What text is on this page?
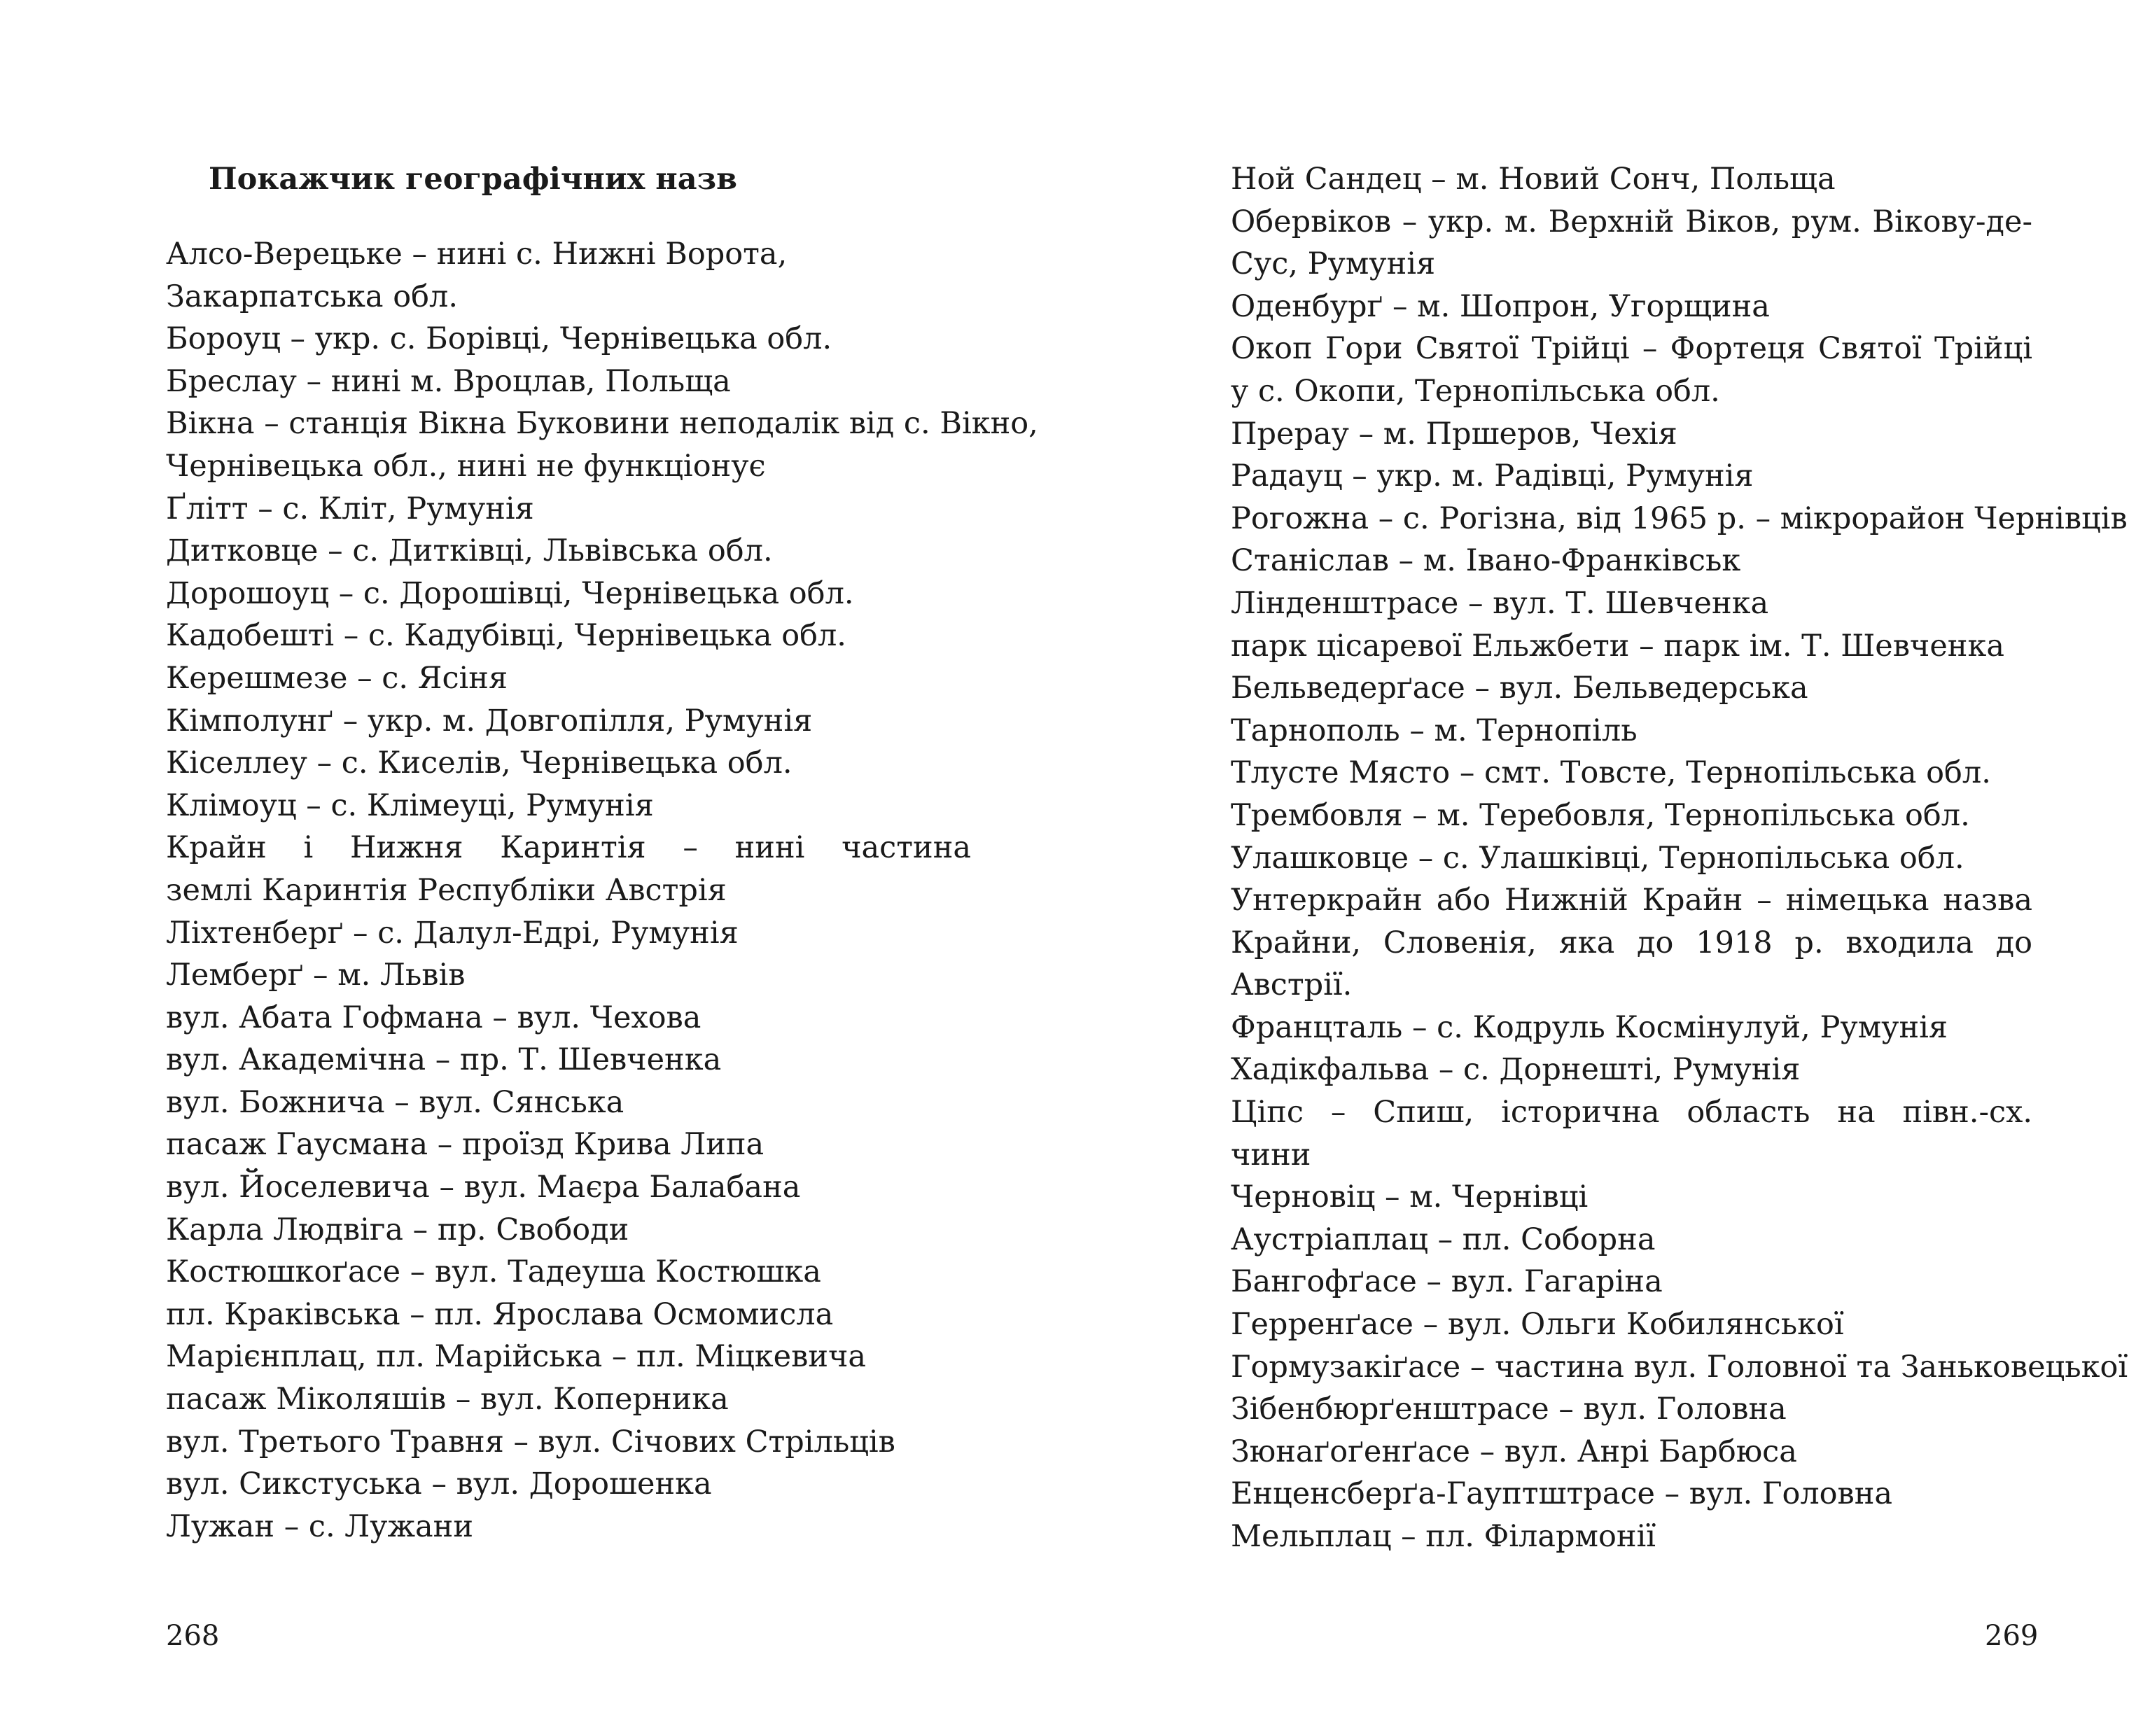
Покажчик географічних назв
Алсо-Верецьке – нині с. Нижні Ворота,
Закарпатська обл.
Бороуц – укр. с. Борівці, Чернівецька обл.
Бреслау – нині м. Вроцлав, Польща
Вікна – станція Вікна Буковини неподалік від с. Вікно,
Чернівецька обл., нині не функціонує
Ґлітт – с. Кліт, Румунія
Дитковце – с. Дитківці, Львівська обл.
Дорошоуц – с. Дорошівці, Чернівецька обл.
Кадобешті – с. Кадубівці, Чернівецька обл.
Керешмезе – с. Ясіня
Кімполунґ – укр. м. Довгопілля, Румунія
Кіселлеу – с. Киселів, Чернівецька обл.
Клімоуц – с. Клімеуці, Румунія
Крайн і Нижня Каринтія – нині частина
землі Каринтія Республіки Австрія
Ліхтенберґ – с. Далул-Едрі, Румунія
Лемберґ – м. Львів
вул. Абата Гофмана – вул. Чехова
вул. Академічна – пр. Т. Шевченка
вул. Божнича – вул. Сянська
пасаж Гаусмана – проїзд Крива Липа
вул. Йоселевича – вул. Маєра Балабана
Карла Людвіга – пр. Свободи
Костюшкоґасе – вул. Тадеуша Костюшка
пл. Краківська – пл. Ярослава Осмомисла
Марієнплац, пл. Марійська – пл. Міцкевича
пасаж Міколяшів – вул. Коперника
вул. Третього Травня – вул. Січових Стрільців
вул. Сикстуська – вул. Дорошенка
Лужан – с. Лужани
268
Ной Сандец – м. Новий Сонч, Польща
Обервіков – укр. м. Верхній Віков, рум. Вікову-де-
Сус, Румунія
Оденбурґ – м. Шопрон, Угорщина
Окоп Гори Святої Трійці – Фортеця Святої Трійці
у с. Окопи, Тернопільська обл.
Прерау – м. Пршеров, Чехія
Радауц – укр. м. Радівці, Румунія
Рогожна – с. Рогізна, від 1965 р. – мікрорайон Чернівців
Станіслав – м. Івано-Франківськ
Лінденштрасе – вул. Т. Шевченка
парк цісаревої Ельжбети – парк ім. Т. Шевченка
Бельведерґасе – вул. Бельведерська
Тарнополь – м. Тернопіль
Тлусте Място – смт. Товсте, Тернопільська обл.
Трембовля – м. Теребовля, Тернопільська обл.
Улашковце – с. Улашківці, Тернопільська обл.
Унтеркрайн або Нижній Крайн – німецька назва
Крайни, Словенія, яка до 1918 р. входила до
Австрії.
Францталь – с. Кодруль Космінулуй, Румунія
Хадікфальва – с. Дорнешті, Румунія
Ціпс – Спиш, історична область на півн.-сх.
чини
Черновіц – м. Чернівці
Аустріаплац – пл. Соборна
Бангофґасе – вул. Гагаріна
Герренґасе – вул. Ольги Кобилянської
Гормузакіґасе – частина вул. Головної та Заньковецької
Зібенбюрґенштрасе – вул. Головна
Зюнаґоґенґасе – вул. Анрі Барбюса
Енценсберґа-Гауптштрасе – вул. Головна
Мельплац – пл. Філармонії
269
